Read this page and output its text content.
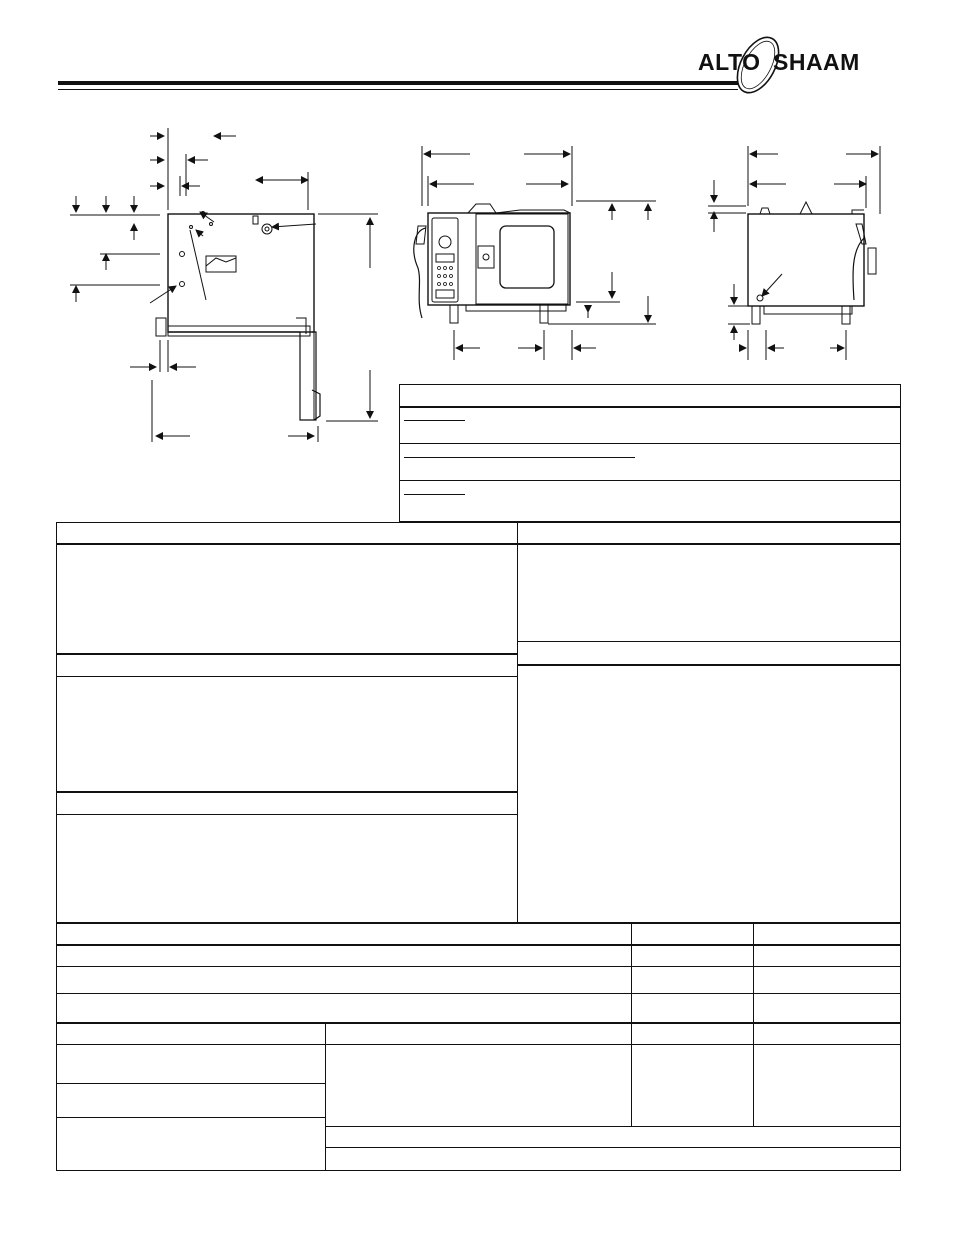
ALTO SHAAM
